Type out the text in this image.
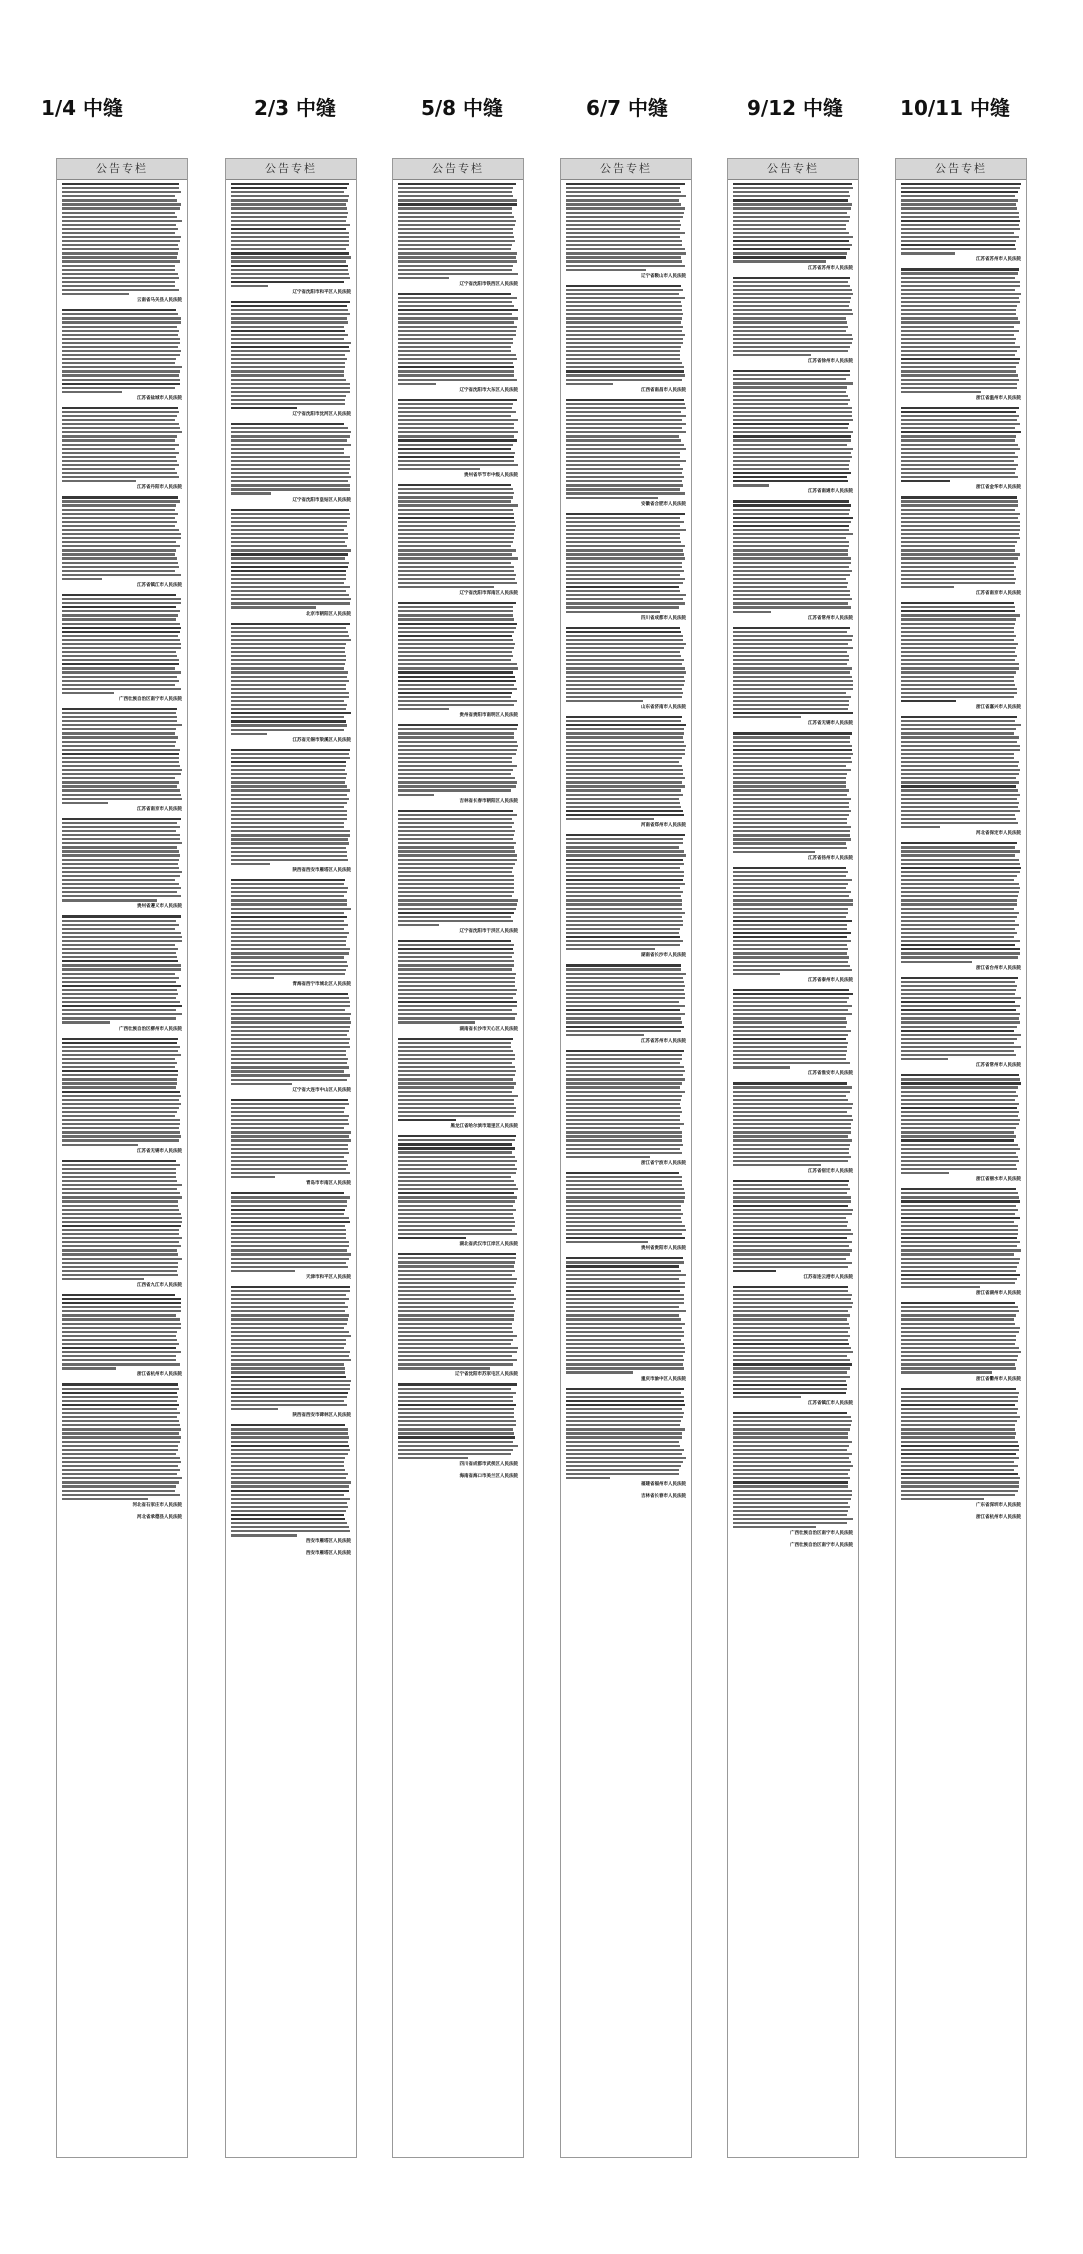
1/4 中缝	2/3 中缝	5/8 中缝	6/7 中缝	9/12 中缝	10/11 中缝
公告专栏
云南省马关县人民法院
江苏省盐城市人民法院
江苏省丹阳市人民法院
江苏省镇江市人民法院
广西壮族自治区南宁市人民法院
江苏省南京市人民法院
贵州省遵义市人民法院
广西壮族自治区柳州市人民法院
江苏省无锡市人民法院
江西省九江市人民法院
浙江省杭州市人民法院
河北省石家庄市人民法院
河北省承德县人民法院
公告专栏
辽宁省沈阳市和平区人民法院
辽宁省沈阳市沈河区人民法院
辽宁省沈阳市皇姑区人民法院
北京市朝阳区人民法院
江苏省无锡市梁溪区人民法院
陕西省西安市雁塔区人民法院
青海省西宁市城北区人民法院
辽宁省大连市中山区人民法院
青岛市市南区人民法院
天津市和平区人民法院
陕西省西安市碑林区人民法院
西安市雁塔区人民法院
西安市雁塔区人民法院
公告专栏
辽宁省沈阳市铁西区人民法院
辽宁省沈阳市大东区人民法院
贵州省毕节市中级人民法院
辽宁省沈阳市浑南区人民法院
贵州省贵阳市南明区人民法院
吉林省长春市朝阳区人民法院
辽宁省沈阳市于洪区人民法院
湖南省长沙市天心区人民法院
黑龙江省哈尔滨市道里区人民法院
湖北省武汉市江岸区人民法院
辽宁省沈阳市苏家屯区人民法院
四川省成都市武侯区人民法院
海南省海口市美兰区人民法院
公告专栏
辽宁省鞍山市人民法院
江西省南昌市人民法院
安徽省合肥市人民法院
四川省成都市人民法院
山东省济南市人民法院
河南省郑州市人民法院
湖南省长沙市人民法院
江苏省苏州市人民法院
浙江省宁波市人民法院
贵州省贵阳市人民法院
重庆市渝中区人民法院
福建省福州市人民法院
吉林省长春市人民法院
公告专栏
江苏省苏州市人民法院
江苏省徐州市人民法院
江苏省南通市人民法院
江苏省常州市人民法院
江苏省无锡市人民法院
江苏省扬州市人民法院
江苏省泰州市人民法院
江苏省淮安市人民法院
江苏省宿迁市人民法院
江苏省连云港市人民法院
江苏省镇江市人民法院
广西壮族自治区南宁市人民法院
广西壮族自治区南宁市人民法院
公告专栏
江苏省苏州市人民法院
浙江省温州市人民法院
浙江省金华市人民法院
江苏省南京市人民法院
浙江省嘉兴市人民法院
河北省保定市人民法院
浙江省台州市人民法院
江苏省常州市人民法院
浙江省丽水市人民法院
浙江省湖州市人民法院
浙江省衢州市人民法院
广东省深圳市人民法院
浙江省杭州市人民法院
